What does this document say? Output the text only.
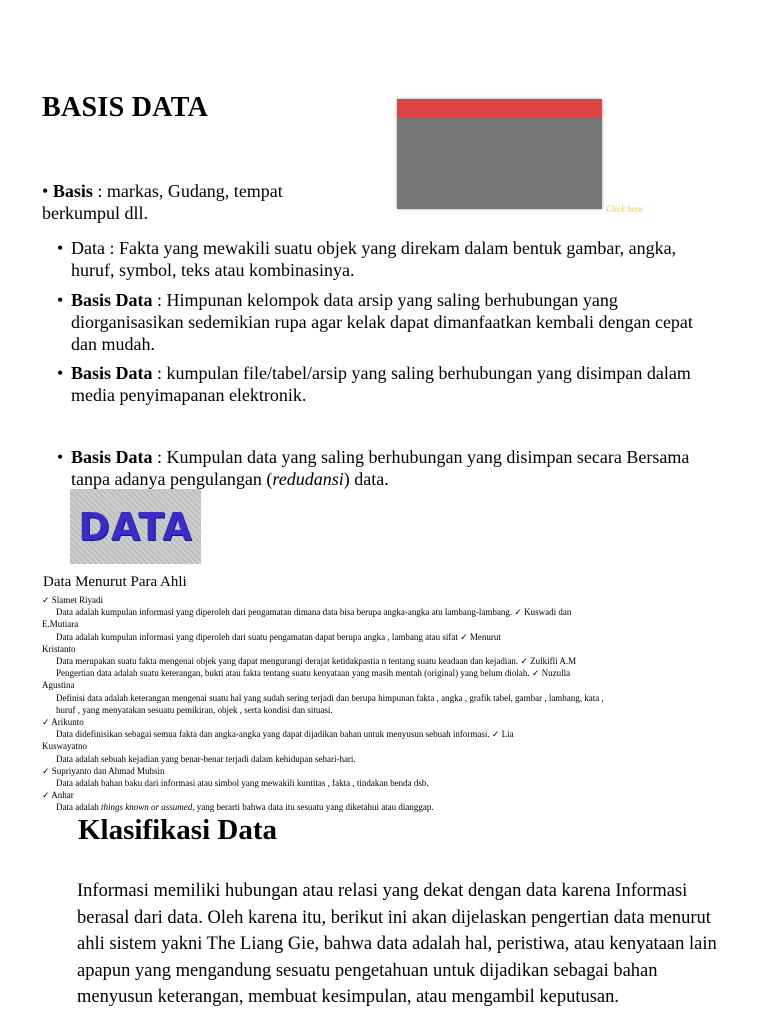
BASIS DATA
Click here
• Basis : markas, Gudang, tempat berkumpul dll.
• Data : Fakta yang mewakili suatu objek yang direkam dalam bentuk gambar, angka, huruf, symbol, teks atau kombinasinya.
• Basis Data : Himpunan kelompok data arsip yang saling berhubungan yang diorganisasikan sedemikian rupa agar kelak dapat dimanfaatkan kembali dengan cepat dan mudah.
• Basis Data : kumpulan file/tabel/arsip yang saling berhubungan yang disimpan dalam media penyimapanan elektronik.
• Basis Data : Kumpulan data yang saling berhubungan yang disimpan secara Bersama tanpa adanya pengulangan (redudansi) data.
DATA
Data Menurut Para Ahli
✓ Slamet Riyadi
Data adalah kumpulan informasi yang diperoleh dari pengamatan dimana data bisa berupa angka-angka atu lambang-lambang. ✓ Kuswadi dan
E.Mutiara
Data adalah kumpulan informasi yang diperoleh dari suatu pengamatan dapat berupa angka , lambang atau sifat ✓ Menurut
Kristanto
Data merupakan suatu fakta mengenai objek yang dapat mengurangi derajat ketidakpastia n tentang suatu keadaan dan kejadian. ✓ Zulkifli A.M
Pengertian data adalah suatu keterangan, bukti atau fakta tentang suatu kenyataan yang masih mentah (original) yang belum diolah. ✓ Nuzulla
Agustina
Definisi data adalah keterangan mengenai suatu hal yang sudah sering terjadi dan berupa himpunan fakta , angka , grafik tabel, gambar , lambang, kata ,
huruf , yang menyatakan sesuatu pemikiran, objek , serta kondisi dan situasi.
✓ Arikunto
Data didefinisikan sebagai semua fakta dan angka-angka yang dapat dijadikan bahan untuk menyusun sebuah informasi. ✓ Lia
Kuswayatno
Data adalah sebuah kejadian yang benar-benar terjadi dalam kehidupan sehari-hari.
✓ Supriyanto dan Ahmad Muhsin
Data adalah bahan baku dari informasi atau simbol yang mewakili kuntitas , fakta , tindakan benda dsb.
✓ Anhar
Data adalah things known or assumed, yang berarti bahwa data itu sesuatu yang diketahui atau dianggap.
Klasifikasi Data
Informasi memiliki hubungan atau relasi yang dekat dengan data karena Informasi berasal dari data. Oleh karena itu, berikut ini akan dijelaskan pengertian data menurut ahli sistem yakni The Liang Gie, bahwa data adalah hal, peristiwa, atau kenyataan lain apapun yang mengandung sesuatu pengetahuan untuk dijadikan sebagai bahan menyusun keterangan, membuat kesimpulan, atau mengambil keputusan.
